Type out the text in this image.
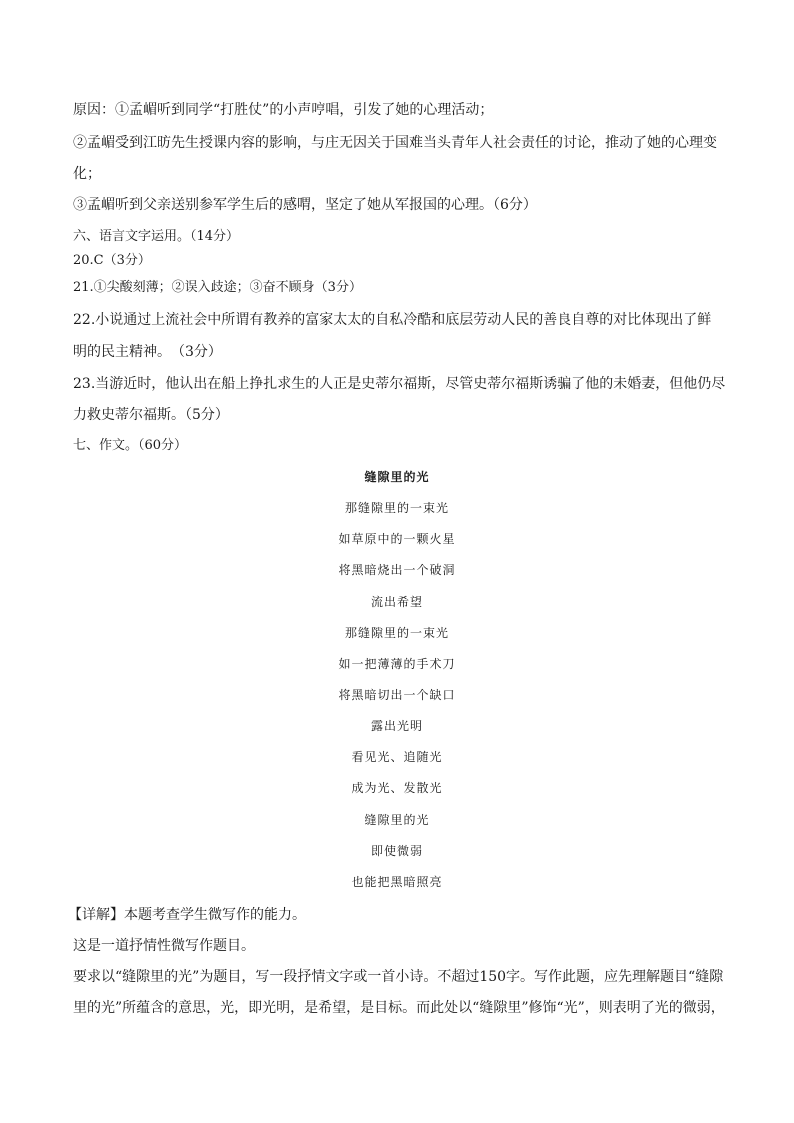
原因：①孟嵋听到同学“打胜仗”的小声哼唱，引发了她的心理活动；
②孟嵋受到江昉先生授课内容的影响，与庄无因关于国难当头青年人社会责任的讨论，推动了她的心理变
化；
③孟嵋听到父亲送别参军学生后的感喟，坚定了她从军报国的心理。（6分）
六、语言文字运用。（14分）
20.C（3分）
21.①尖酸刻薄；②误入歧途；③奋不顾身（3分）
22.小说通过上流社会中所谓有教养的富家太太的自私冷酷和底层劳动人民的善良自尊的对比体现出了鲜
明的民主精神。　（3分）
23.当游近时，他认出在船上挣扎求生的人正是史蒂尔福斯，尽管史蒂尔福斯诱骗了他的未婚妻，但他仍尽
力救史蒂尔福斯。（5分）
七、作文。（60分）
缝隙里的光
那缝隙里的一束光
如草原中的一颗火星
将黑暗烧出一个破洞
流出希望
那缝隙里的一束光
如一把薄薄的手术刀
将黑暗切出一个缺口
露出光明
看见光、追随光
成为光、发散光
缝隙里的光
即使微弱
也能把黑暗照亮
【详解】本题考查学生微写作的能力。
这是一道抒情性微写作题目。
要求以“缝隙里的光”为题目，写一段抒情文字或一首小诗。不超过150字。写作此题，应先理解题目“缝隙
里的光”所蕴含的意思，光，即光明，是希望，是目标。而此处以“缝隙里”修饰“光”，则表明了光的微弱，
